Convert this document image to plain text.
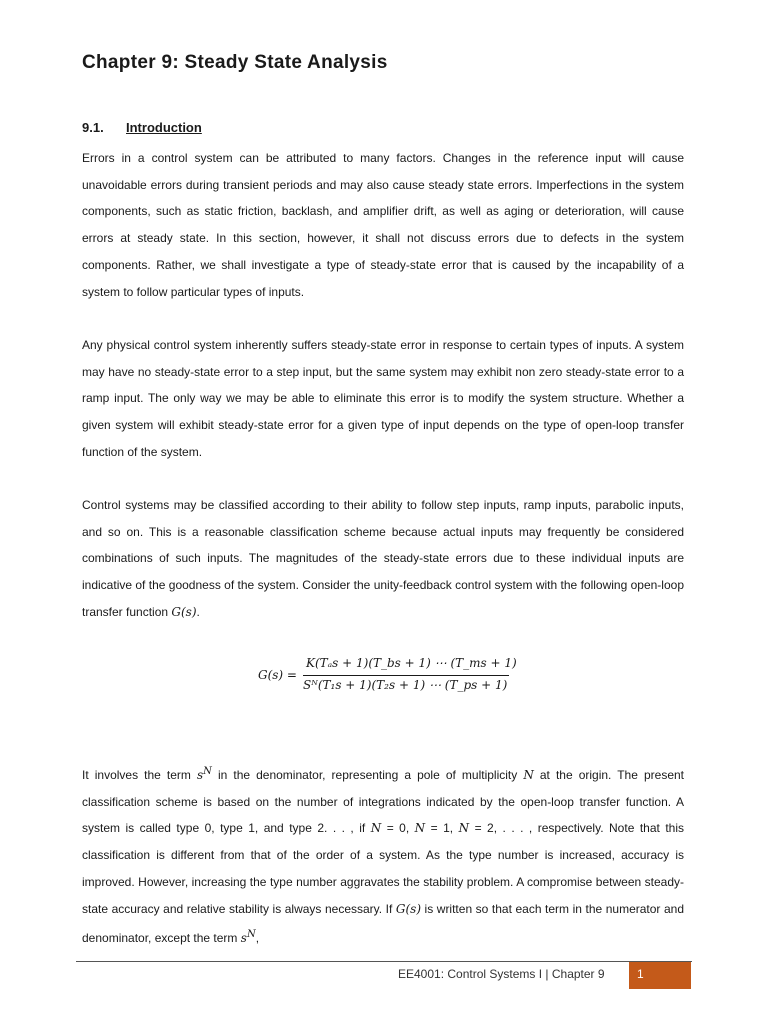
Chapter 9: Steady State Analysis
9.1. Introduction

Errors in a control system can be attributed to many factors. Changes in the reference input will cause unavoidable errors during transient periods and may also cause steady state errors. Imperfections in the system components, such as static friction, backlash, and amplifier drift, as well as aging or deterioration, will cause errors at steady state. In this section, however, it shall not discuss errors due to defects in the system components. Rather, we shall investigate a type of steady-state error that is caused by the incapability of a system to follow particular types of inputs.

Any physical control system inherently suffers steady-state error in response to certain types of inputs. A system may have no steady-state error to a step input, but the same system may exhibit non zero steady-state error to a ramp input. The only way we may be able to eliminate this error is to modify the system structure. Whether a given system will exhibit steady-state error for a given type of input depends on the type of open-loop transfer function of the system.

Control systems may be classified according to their ability to follow step inputs, ramp inputs, parabolic inputs, and so on. This is a reasonable classification scheme because actual inputs may frequently be considered combinations of such inputs. The magnitudes of the steady-state errors due to these individual inputs are indicative of the goodness of the system. Consider the unity-feedback control system with the following open-loop transfer function G(s).

G(s) =
K(Tₐs + 1)(T_bs + 1) ⋯ (T_ms + 1)
Sᴺ(T₁s + 1)(T₂s + 1) ⋯ (T_ps + 1)

It involves the term $s^N$ in the denominator, representing a pole of multiplicity N at the origin. The present classification scheme is based on the number of integrations indicated by the open-loop transfer function. A system is called type 0, type 1, and type 2. . . , if N = 0, N = 1, N = 2, . . . , respectively. Note that this classification is different from that of the order of a system. As the type number is increased, accuracy is improved. However, increasing the type number aggravates the stability problem. A compromise between steady-state accuracy and relative stability is always necessary. If G(s) is written so that each term in the numerator and denominator, except the term $s^N$,

EE4001: Control Systems I | Chapter 9	1
